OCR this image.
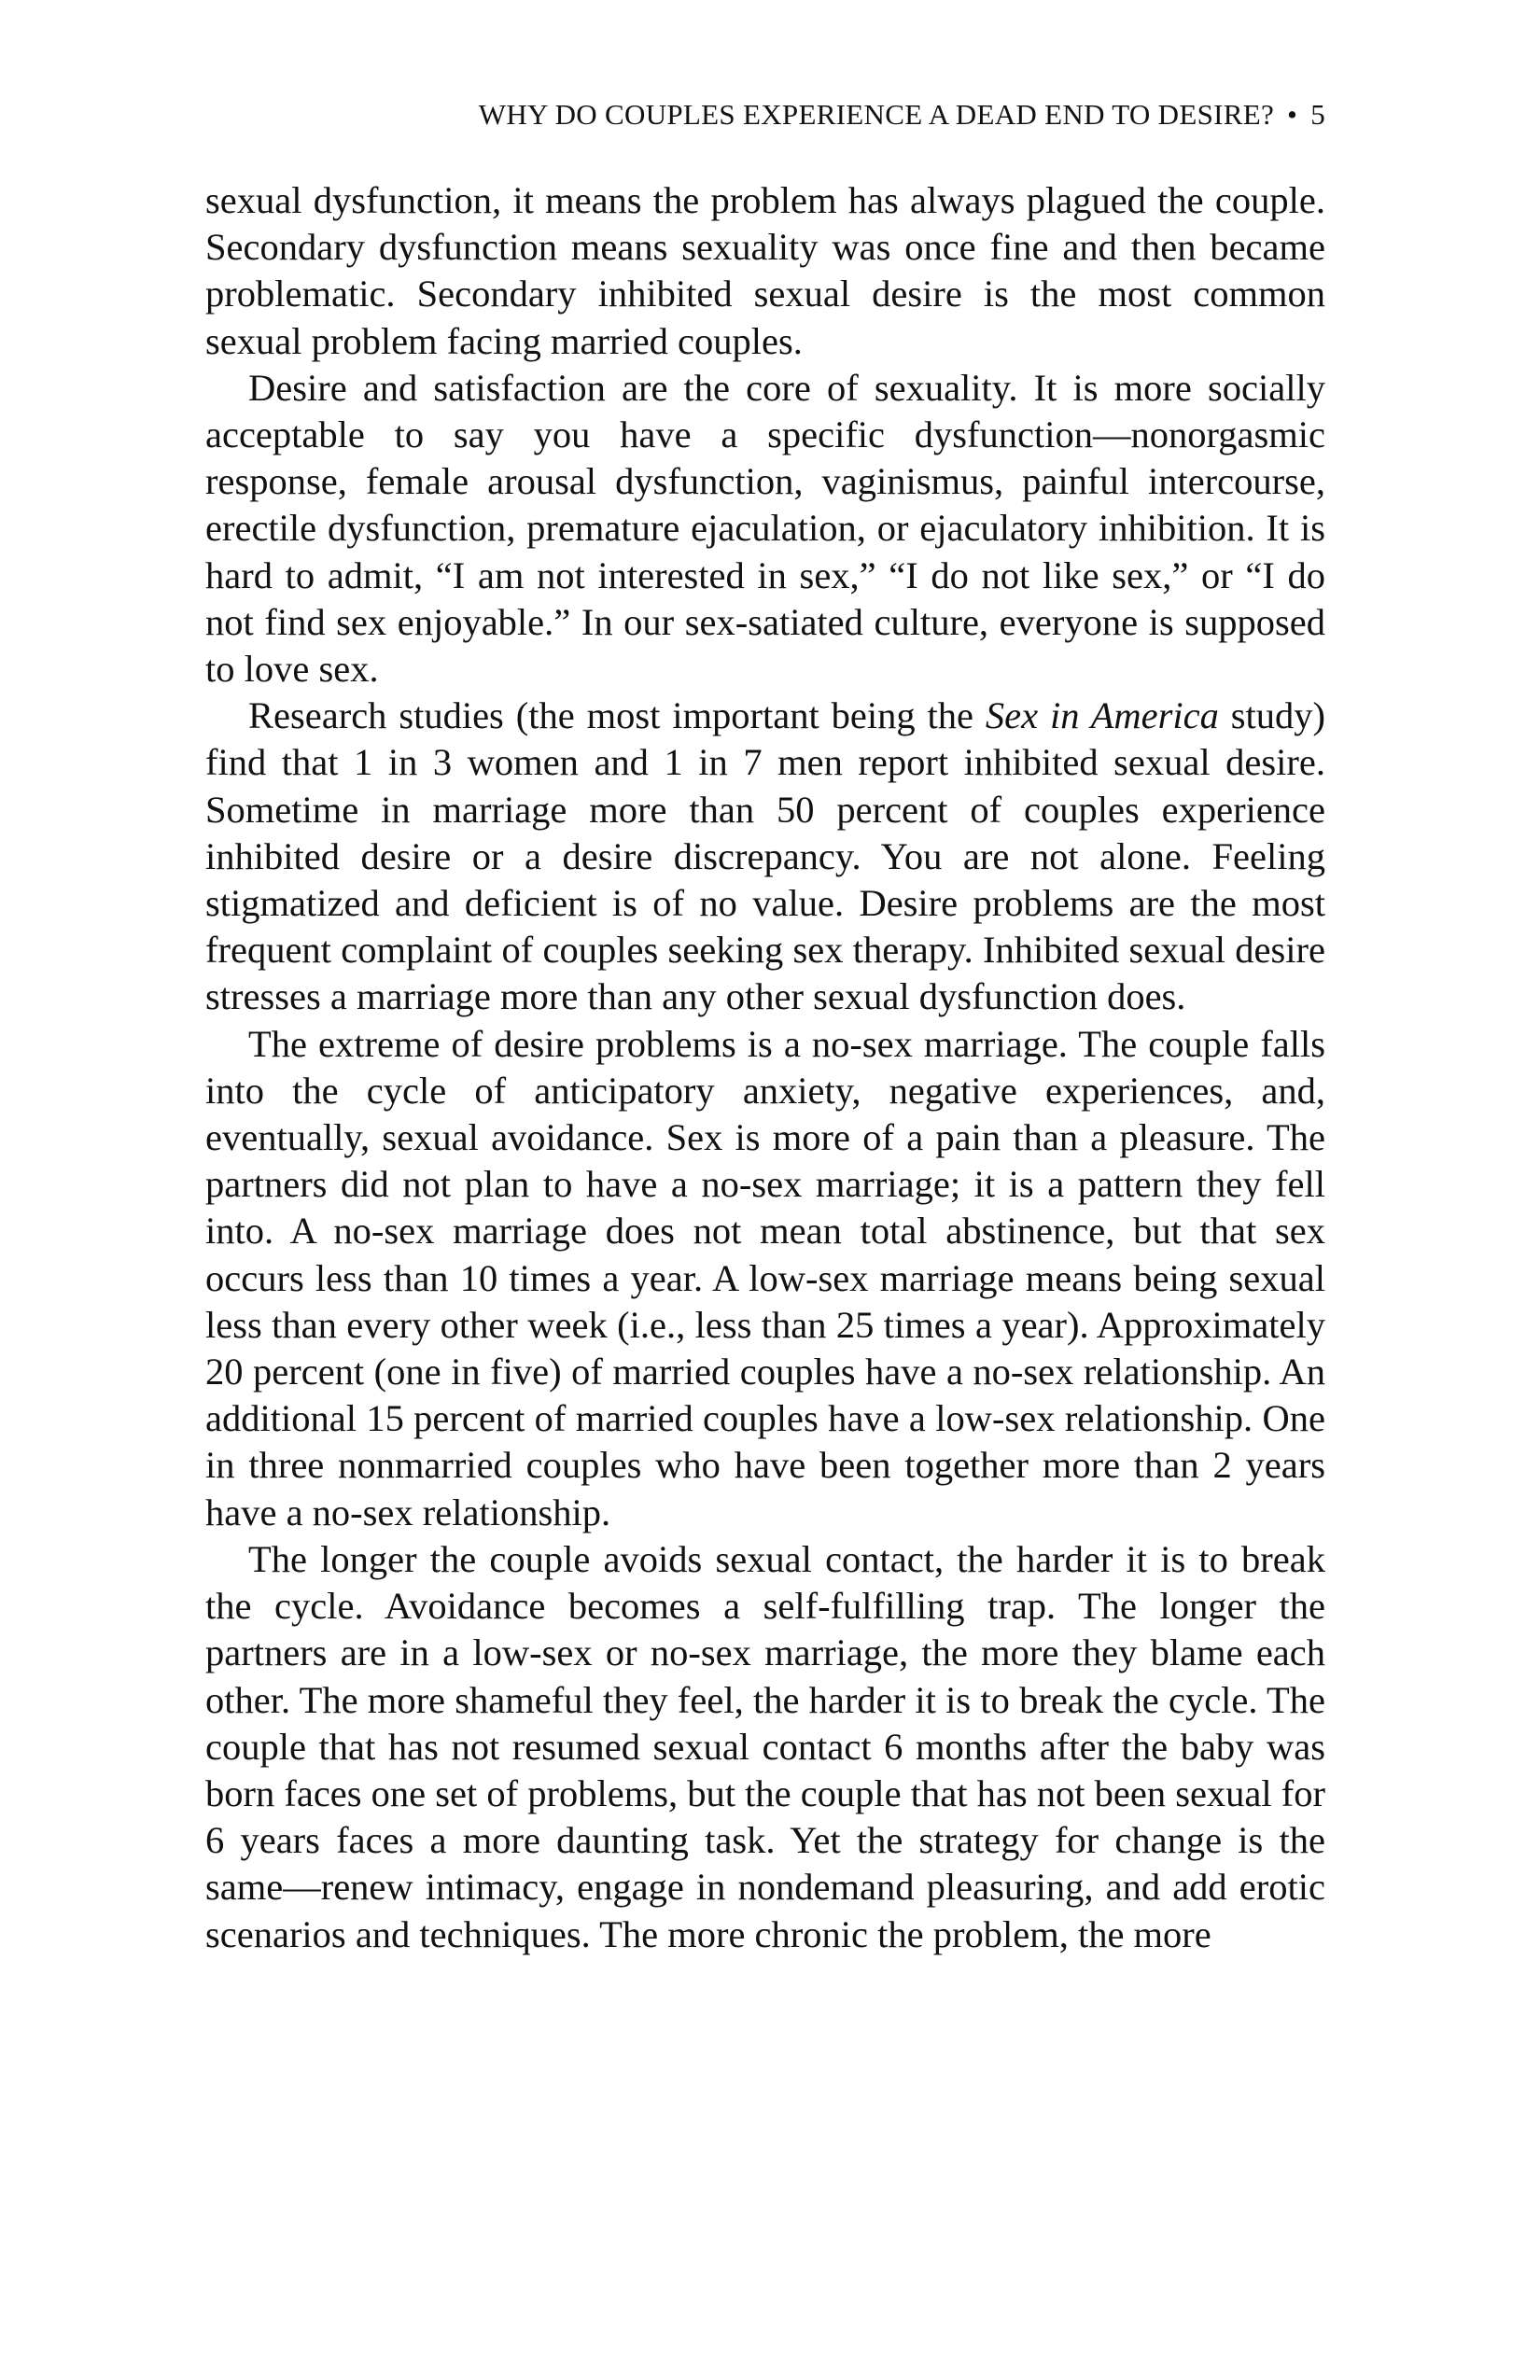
WHY DO COUPLES EXPERIENCE A DEAD END TO DESIRE? • 5

sexual dysfunction, it means the problem has always plagued the couple. Secondary dysfunction means sexuality was once fine and then became problematic. Secondary inhibited sexual desire is the most common sexual problem facing married couples.

Desire and satisfaction are the core of sexuality. It is more socially acceptable to say you have a specific dysfunction—nonorgasmic response, female arousal dysfunction, vaginismus, painful intercourse, erectile dysfunction, premature ejaculation, or ejaculatory inhibition. It is hard to admit, “I am not interested in sex,” “I do not like sex,” or “I do not find sex enjoyable.” In our sex-satiated culture, everyone is supposed to love sex.

Research studies (the most important being the Sex in America study) find that 1 in 3 women and 1 in 7 men report inhibited sexual desire. Sometime in marriage more than 50 percent of couples experience inhibited desire or a desire discrepancy. You are not alone. Feeling stigmatized and deficient is of no value. Desire problems are the most frequent complaint of couples seeking sex therapy. Inhibited sexual desire stresses a marriage more than any other sexual dysfunction does.

The extreme of desire problems is a no-sex marriage. The couple falls into the cycle of anticipatory anxiety, negative experiences, and, eventually, sexual avoidance. Sex is more of a pain than a pleasure. The partners did not plan to have a no-sex marriage; it is a pattern they fell into. A no-sex marriage does not mean total abstinence, but that sex occurs less than 10 times a year. A low-sex marriage means being sexual less than every other week (i.e., less than 25 times a year). Approximately 20 percent (one in five) of married couples have a no-sex relationship. An additional 15 percent of married couples have a low-sex relationship. One in three nonmarried couples who have been together more than 2 years have a no-sex relationship.

The longer the couple avoids sexual contact, the harder it is to break the cycle. Avoidance becomes a self-fulfilling trap. The longer the partners are in a low-sex or no-sex marriage, the more they blame each other. The more shameful they feel, the harder it is to break the cycle. The couple that has not resumed sexual contact 6 months after the baby was born faces one set of problems, but the couple that has not been sexual for 6 years faces a more daunting task. Yet the strategy for change is the same—renew intimacy, engage in nondemand pleasuring, and add erotic scenarios and techniques. The more chronic the problem, the more
